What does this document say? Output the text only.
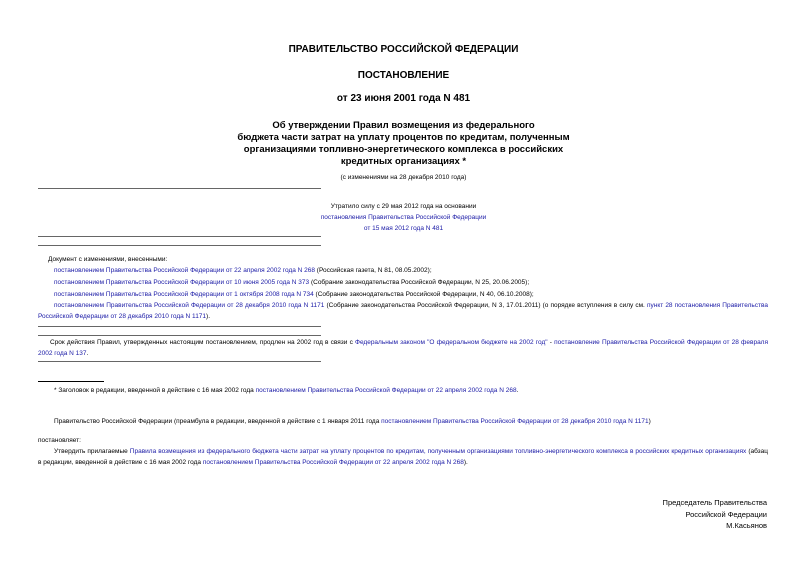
ПРАВИТЕЛЬСТВО РОССИЙСКОЙ ФЕДЕРАЦИИ
ПОСТАНОВЛЕНИЕ
от 23 июня 2001 года N 481
Об утверждении Правил возмещения из федерального
бюджета части затрат на уплату процентов по кредитам, полученным
организациями топливно-энергетического комплекса в российских
кредитных организациях *
(с изменениями на 28 декабря 2010 года)
Утратило силу с 29 мая 2012 года на основании
постановления Правительства Российской Федерации
от 15 мая 2012 года N 481
Документ с изменениями, внесенными:
постановлением Правительства Российской Федерации от 22 апреля 2002 года N 268 (Российская газета, N 81, 08.05.2002);
постановлением Правительства Российской Федерации от 10 июня 2005 года N 373 (Собрание законодательства Российской Федерации, N 25, 20.06.2005);
постановлением Правительства Российской Федерации от 1 октября 2008 года N 734 (Собрание законодательства Российской Федерации, N 40, 06.10.2008);
постановлением Правительства Российской Федерации от 28 декабря 2010 года N 1171 (Собрание законодательства Российской Федерации, N 3, 17.01.2011) (о порядке вступления в силу см. пункт 28 постановления Правительства Российской Федерации от 28 декабря 2010 года N 1171).
Срок действия Правил, утвержденных настоящим постановлением, продлен на 2002 год в связи с Федеральным законом "О федеральном бюджете на 2002 год" - постановление Правительства Российской Федерации от 28 февраля 2002 года N 137.
* Заголовок в редакции, введенной в действие с 16 мая 2002 года постановлением Правительства Российской Федерации от 22 апреля 2002 года N 268.
Правительство Российской Федерации (преамбула в редакции, введенной в действие с 1 января 2011 года постановлением Правительства Российской Федерации от 28 декабря 2010 года N 1171)
постановляет:
Утвердить прилагаемые Правила возмещения из федерального бюджета части затрат на уплату процентов по кредитам, полученным организациями топливно-энергетического комплекса в российских кредитных организациях (абзац в редакции, введенной в действие с 16 мая 2002 года постановлением Правительства Российской Федерации от 22 апреля 2002 года N 268).
Председатель Правительства
Российской Федерации
М.Касьянов
